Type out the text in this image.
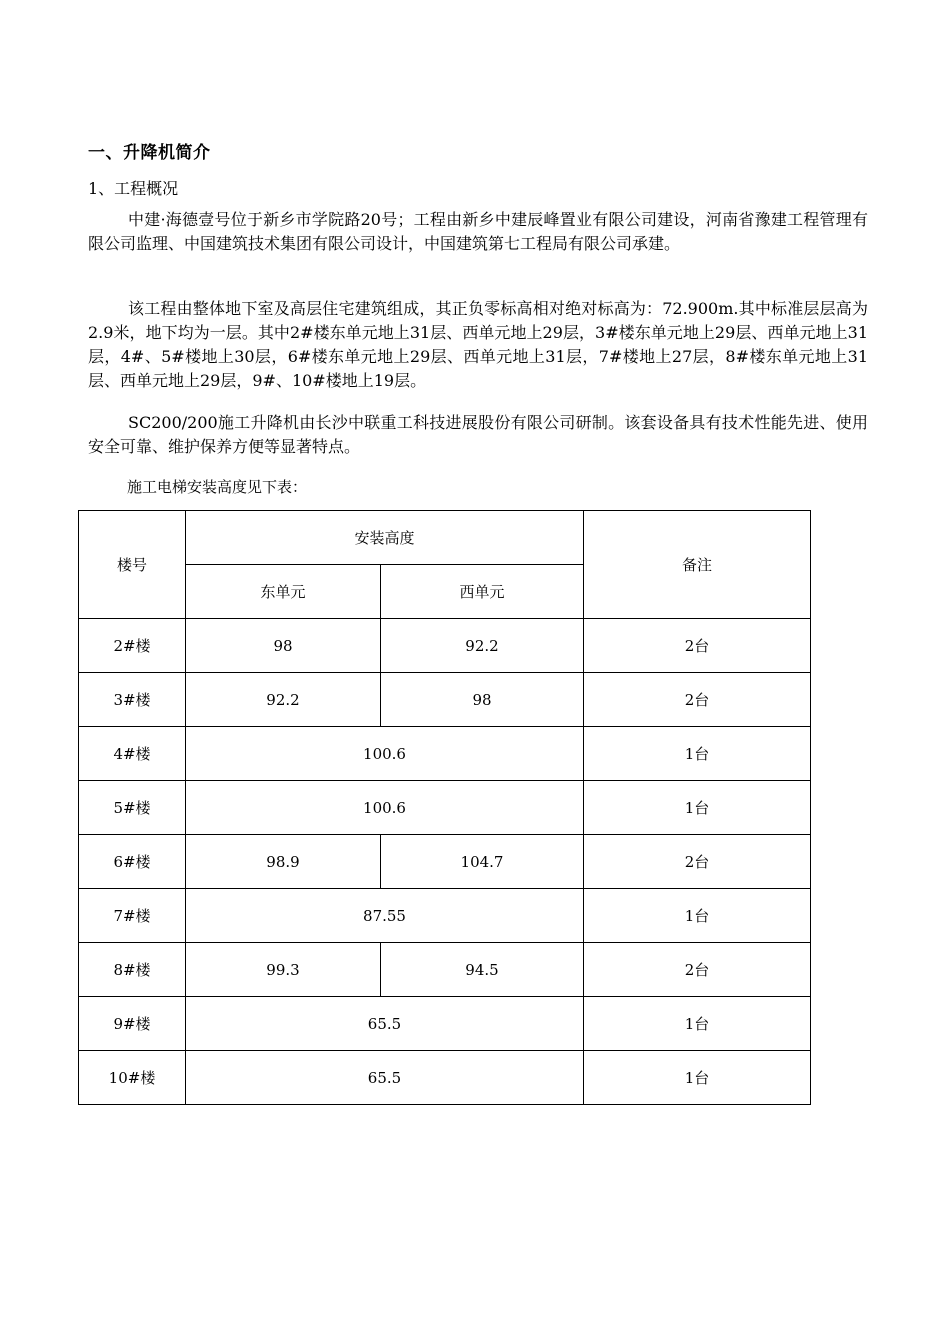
一、升降机简介
1、工程概况
中建·海德壹号位于新乡市学院路20号；工程由新乡中建辰峰置业有限公司建设，河南省豫建工程管理有限公司监理、中国建筑技术集团有限公司设计，中国建筑第七工程局有限公司承建。
该工程由整体地下室及高层住宅建筑组成，其正负零标高相对绝对标高为：72.900m.其中标准层层高为2.9米，地下均为一层。其中2#楼东单元地上31层、西单元地上29层，3#楼东单元地上29层、西单元地上31层，4#、5#楼地上30层，6#楼东单元地上29层、西单元地上31层，7#楼地上27层，8#楼东单元地上31层、西单元地上29层，9#、10#楼地上19层。
SC200/200施工升降机由长沙中联重工科技进展股份有限公司研制。该套设备具有技术性能先进、使用安全可靠、维护保养方便等显著特点。
施工电梯安装高度见下表：
楼号	安装高度		备注
	东单元	西单元	
2#楼	98	92.2	2台
3#楼	92.2	98	2台
4#楼	100.6		1台
5#楼	100.6		1台
6#楼	98.9	104.7	2台
7#楼	87.55		1台
8#楼	99.3	94.5	2台
9#楼	65.5		1台
10#楼	65.5		1台
